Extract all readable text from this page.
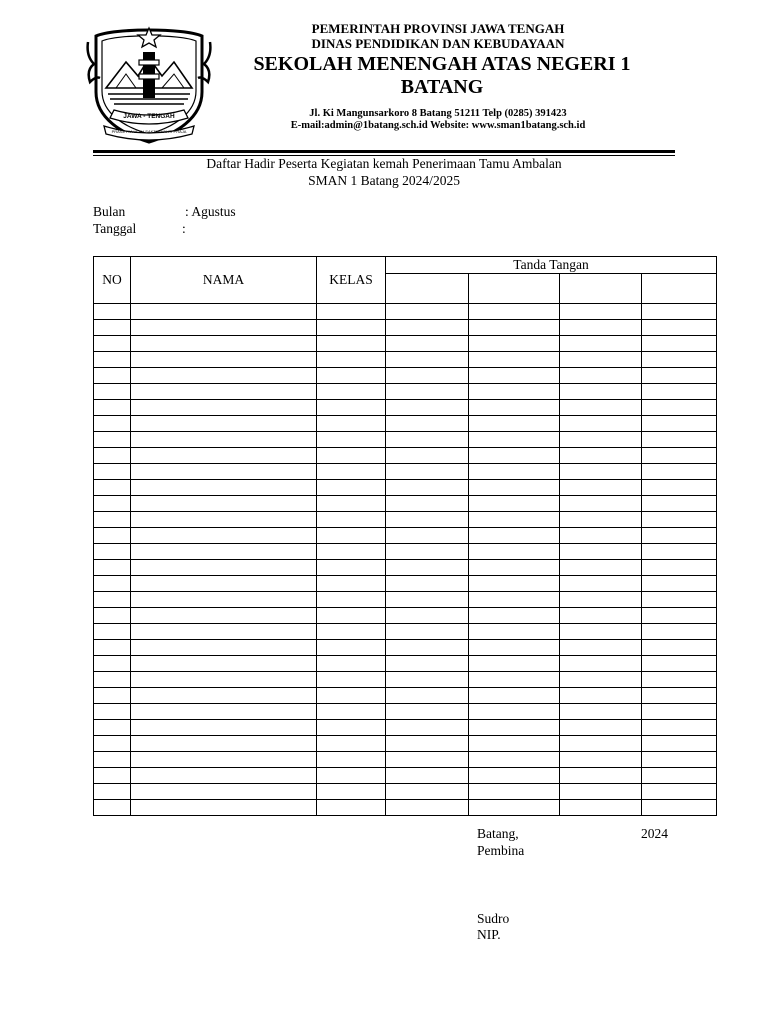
JAWA - TENGAH
PRASETYA ULAH SAKTI BHAKTI PRAJA
PEMERINTAH PROVINSI JAWA TENGAH
DINAS PENDIDIKAN DAN KEBUDAYAAN
SEKOLAH MENENGAH ATAS NEGERI 1 BATANG
Jl. Ki Mangunsarkoro 8 Batang 51211 Telp (0285) 391423
E-mail:admin@1batang.sch.id Website: www.sman1batang.sch.id
Daftar Hadir Peserta Kegiatan kemah Penerimaan Tamu Ambalan
SMAN 1 Batang 2024/2025
Bulan	: Agustus
Tanggal	:
NO	NAMA	KELAS	Tanda Tangan			

Batang,	2024
Pembina
Sudro
NIP.
